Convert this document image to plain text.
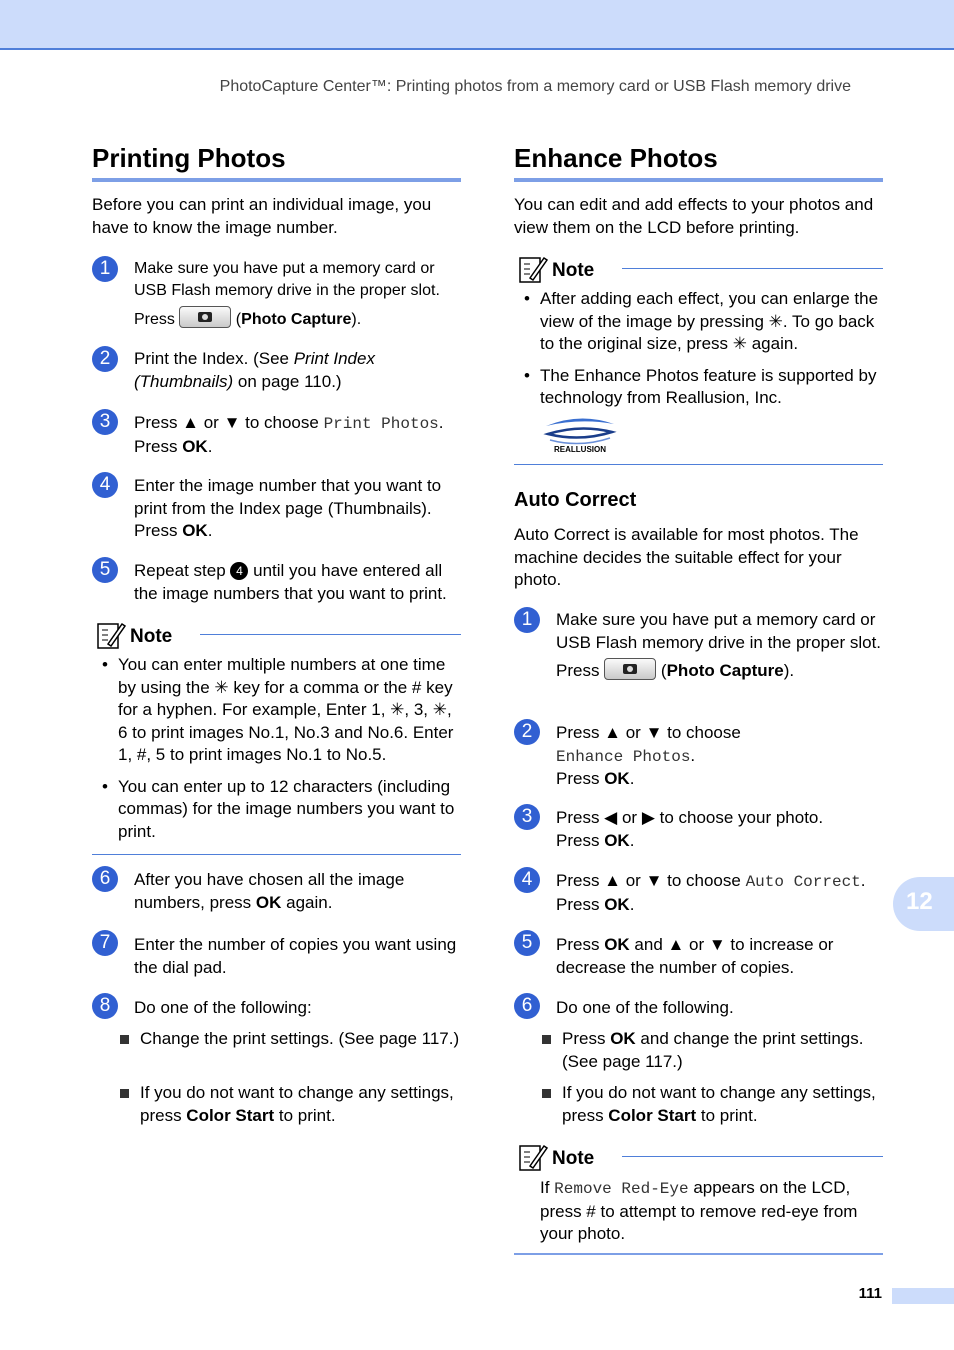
PhotoCapture Center™: Printing photos from a memory card or USB Flash memory drive
Printing Photos

Before you can print an individual image, you have to know the image number.

1	Make sure you have put a memory card or USB Flash memory drive in the proper slot.
Press	(Photo Capture).
2	Print the Index. (See Print Index (Thumbnails) on page 110.)
3	Press ▲ or ▼ to choose Print Photos.
Press OK.
4	Enter the image number that you want to print from the Index page (Thumbnails).
Press OK.
5	Repeat step 4 until you have entered all the image numbers that you want to print.
Note
• You can enter multiple numbers at one time by using the ✳ key for a comma or the # key for a hyphen. For example, Enter 1, ✳, 3, ✳, 6 to print images No.1, No.3 and No.6. Enter 1, #, 5 to print images No.1 to No.5.
• You can enter up to 12 characters (including commas) for the image numbers you want to print.
6	After you have chosen all the image numbers, press OK again.
7	Enter the number of copies you want using the dial pad.
8	Do one of the following:
Change the print settings. (See page 117.)
If you do not want to change any settings, press Color Start to print.
Enhance Photos

You can edit and add effects to your photos and view them on the LCD before printing.

Note
• After adding each effect, you can enlarge the view of the image by pressing ✳. To go back to the original size, press ✳ again.
• The Enhance Photos feature is supported by technology from Reallusion, Inc.
REALLUSION
Auto Correct

Auto Correct is available for most photos. The machine decides the suitable effect for your photo.

1	Make sure you have put a memory card or USB Flash memory drive in the proper slot.
Press	(Photo Capture).
2	Press ▲ or ▼ to choose
Enhance Photos.
Press OK.
3	Press ◀ or ▶ to choose your photo.
Press OK.
4	Press ▲ or ▼ to choose Auto Correct.
Press OK.
5	Press OK and ▲ or ▼ to increase or decrease the number of copies.
6	Do one of the following.
Press OK and change the print settings. (See page 117.)
If you do not want to change any settings, press Color Start to print.
Note
If Remove Red-Eye appears on the LCD, press # to attempt to remove red-eye from your photo.
12
111
